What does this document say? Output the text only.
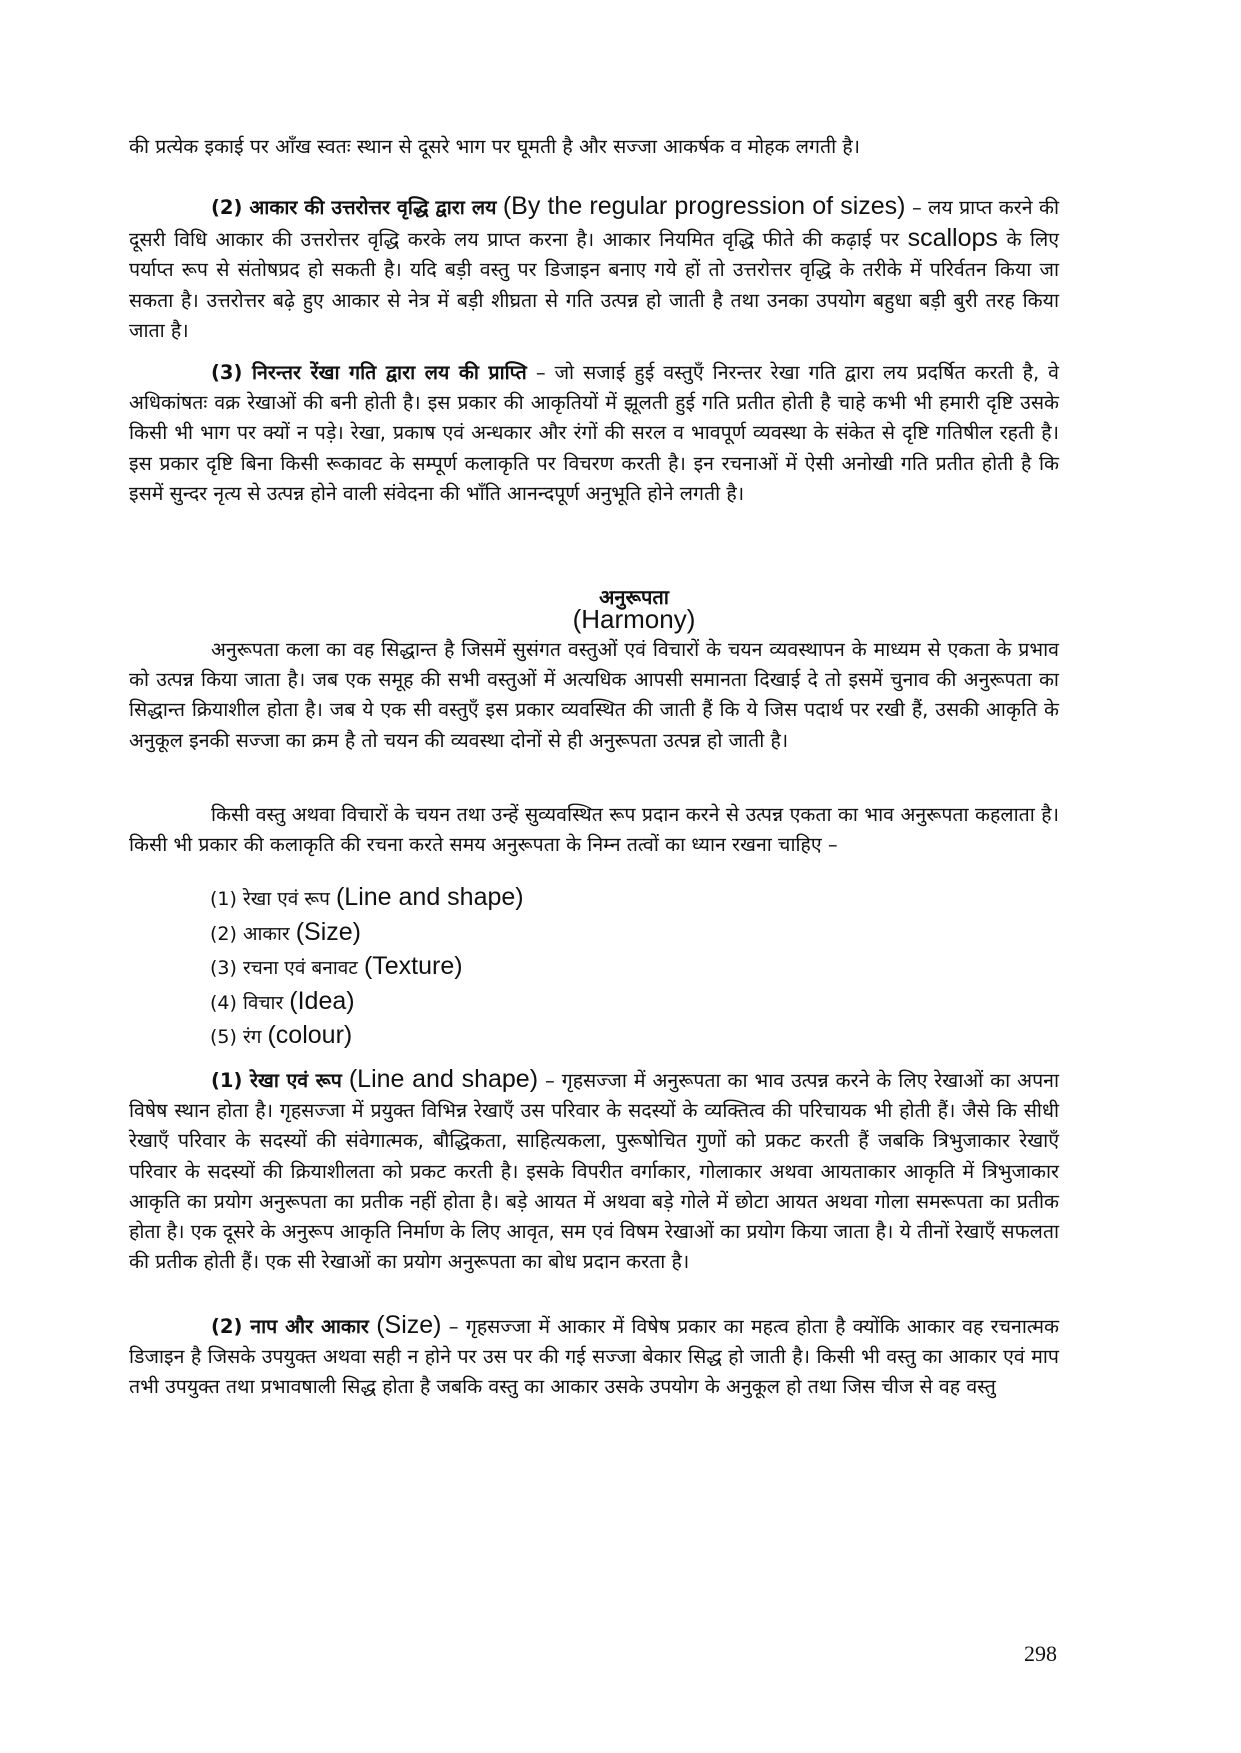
की प्रत्येक इकाई पर आँख स्वतः स्थान से दूसरे भाग पर घूमती है और सज्जा आकर्षक व मोहक लगती है।

(2) आकार की उत्तरोत्तर वृद्धि द्वारा लय (By the regular progression of sizes) – लय प्राप्त करने की दूसरी विधि आकार की उत्तरोत्तर वृद्धि करके लय प्राप्त करना है। आकार नियमित वृद्धि फीते की कढ़ाई पर scallops के लिए पर्याप्त रूप से संतोषप्रद हो सकती है। यदि बड़ी वस्तु पर डिजाइन बनाए गये हों तो उत्तरोत्तर वृद्धि के तरीके में परिर्वतन किया जा सकता है। उत्तरोत्तर बढ़े हुए आकार से नेत्र में बड़ी शीघ्रता से गति उत्पन्न हो जाती है तथा उनका उपयोग बहुधा बड़ी बुरी तरह किया जाता है।

(3) निरन्तर रेंखा गति द्वारा लय की प्राप्ति – जो सजाई हुई वस्तुएँ निरन्तर रेखा गति द्वारा लय प्रदर्षित करती है, वे अधिकांषतः वक्र रेखाओं की बनी होती है। इस प्रकार की आकृतियों में झूलती हुई गति प्रतीत होती है चाहे कभी भी हमारी दृष्टि उसके किसी भी भाग पर क्यों न पड़े। रेखा, प्रकाष एवं अन्धकार और रंगों की सरल व भावपूर्ण व्यवस्था के संकेत से दृष्टि गतिषील रहती है। इस प्रकार दृष्टि बिना किसी रूकावट के सम्पूर्ण कलाकृति पर विचरण करती है। इन रचनाओं में ऐसी अनोखी गति प्रतीत होती है कि इसमें सुन्दर नृत्य से उत्पन्न होने वाली संवेदना की भाँति आनन्दपूर्ण अनुभूति होने लगती है।

अनुरूपता
(Harmony)

अनुरूपता कला का वह सिद्धान्त है जिसमें सुसंगत वस्तुओं एवं विचारों के चयन व्यवस्थापन के माध्यम से एकता के प्रभाव को उत्पन्न किया जाता है। जब एक समूह की सभी वस्तुओं में अत्यधिक आपसी समानता दिखाई दे तो इसमें चुनाव की अनुरूपता का सिद्धान्त क्रियाशील होता है। जब ये एक सी वस्तुएँ इस प्रकार व्यवस्थित की जाती हैं कि ये जिस पदार्थ पर रखी हैं, उसकी आकृति के अनुकूल इनकी सज्जा का क्रम है तो चयन की व्यवस्था दोनों से ही अनुरूपता उत्पन्न हो जाती है।

किसी वस्तु अथवा विचारों के चयन तथा उन्हें सुव्यवस्थित रूप प्रदान करने से उत्पन्न एकता का भाव अनुरूपता कहलाता है। किसी भी प्रकार की कलाकृति की रचना करते समय अनुरूपता के निम्न तत्वों का ध्यान रखना चाहिए –

(1) रेखा एवं रूप (Line and shape)
(2) आकार (Size)
(3) रचना एवं बनावट (Texture)
(4) विचार (Idea)
(5) रंग (colour)

(1) रेखा एवं रूप (Line and shape) – गृहसज्जा में अनुरूपता का भाव उत्पन्न करने के लिए रेखाओं का अपना विषेष स्थान होता है। गृहसज्जा में प्रयुक्त विभिन्न रेखाएँ उस परिवार के सदस्यों के व्यक्तित्व की परिचायक भी होती हैं। जैसे कि सीधी रेखाएँ परिवार के सदस्यों की संवेगात्मक, बौद्धिकता, साहित्यकला, पुरूषोचित गुणों को प्रकट करती हैं जबकि त्रिभुजाकार रेखाएँ परिवार के सदस्यों की क्रियाशीलता को प्रकट करती है। इसके विपरीत वर्गाकार, गोलाकार अथवा आयताकार आकृति में त्रिभुजाकार आकृति का प्रयोग अनुरूपता का प्रतीक नहीं होता है। बड़े आयत में अथवा बड़े गोले में छोटा आयत अथवा गोला समरूपता का प्रतीक होता है। एक दूसरे के अनुरूप आकृति निर्माण के लिए आवृत, सम एवं विषम रेखाओं का प्रयोग किया जाता है। ये तीनों रेखाएँ सफलता की प्रतीक होती हैं। एक सी रेखाओं का प्रयोग अनुरूपता का बोध प्रदान करता है।

(2) नाप और आकार (Size) – गृहसज्जा में आकार में विषेष प्रकार का महत्व होता है क्योंकि आकार वह रचनात्मक डिजाइन है जिसके उपयुक्त अथवा सही न होने पर उस पर की गई सज्जा बेकार सिद्ध हो जाती है। किसी भी वस्तु का आकार एवं माप तभी उपयुक्त तथा प्रभावषाली सिद्ध होता है जबकि वस्तु का आकार उसके उपयोग के अनुकूल हो तथा जिस चीज से वह वस्तु

298
